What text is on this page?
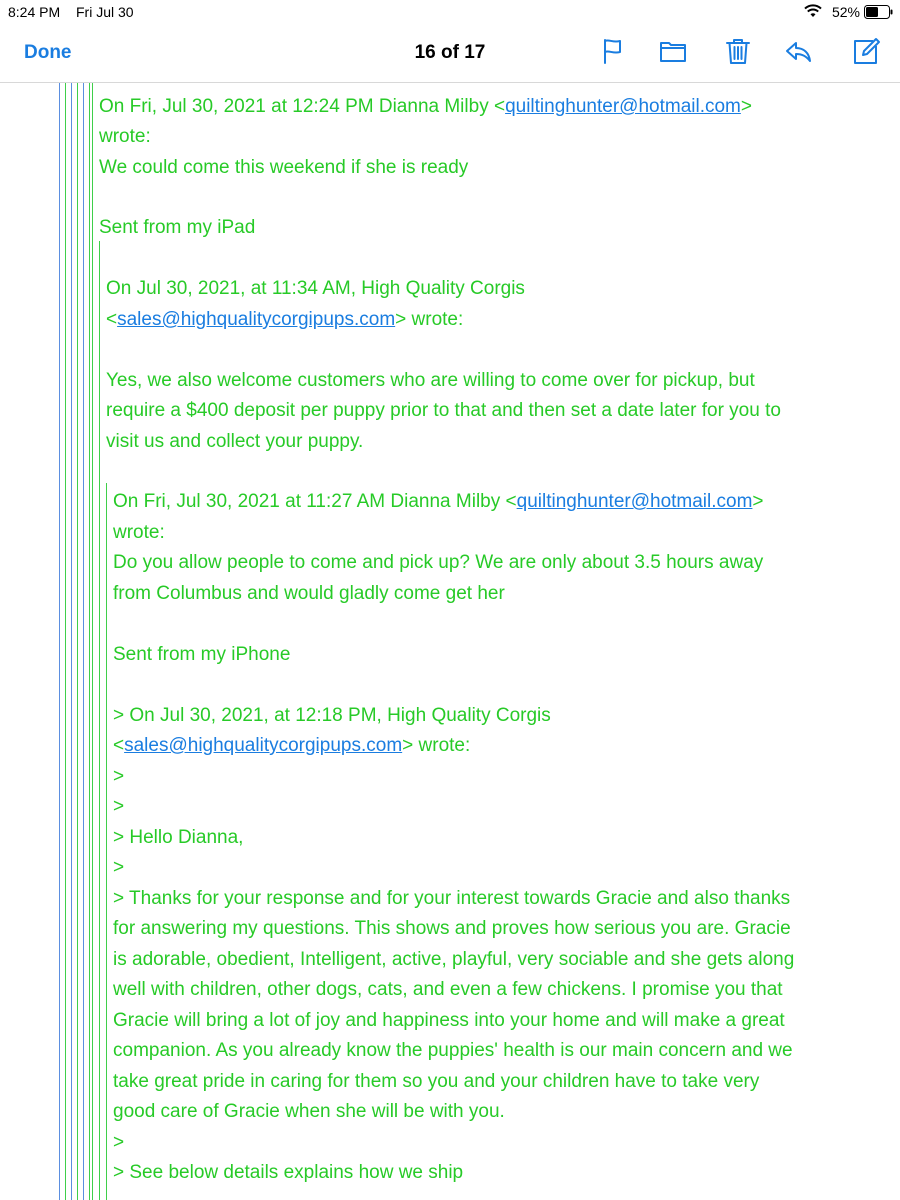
8:24 PM Fri Jul 30	52%
Done	16 of 17
On Fri, Jul 30, 2021 at 12:24 PM Dianna Milby <quiltinghunter@hotmail.com>
wrote:
We could come this weekend if she is ready
Sent from my iPad
On Jul 30, 2021, at 11:34 AM, High Quality Corgis
<sales@highqualitycorgipups.com> wrote:
Yes, we also welcome customers who are willing to come over for pickup, but
require a $400 deposit per puppy prior to that and then set a date later for you to
visit us and collect your puppy.
On Fri, Jul 30, 2021 at 11:27 AM Dianna Milby <quiltinghunter@hotmail.com>
wrote:
Do you allow people to come and pick up? We are only about 3.5 hours away
from Columbus and would gladly come get her
Sent from my iPhone
> On Jul 30, 2021, at 12:18 PM, High Quality Corgis
<sales@highqualitycorgipups.com> wrote:
>
>
> Hello Dianna,
>
> Thanks for your response and for your interest towards Gracie and also thanks
for answering my questions. This shows and proves how serious you are. Gracie
is adorable, obedient, Intelligent, active, playful, very sociable and she gets along
well with children, other dogs, cats, and even a few chickens. I promise you that
Gracie will bring a lot of joy and happiness into your home and will make a great
companion. As you already know the puppies' health is our main concern and we
take great pride in caring for them so you and your children have to take very
good care of Gracie when she will be with you.
>
> See below details explains how we ship
